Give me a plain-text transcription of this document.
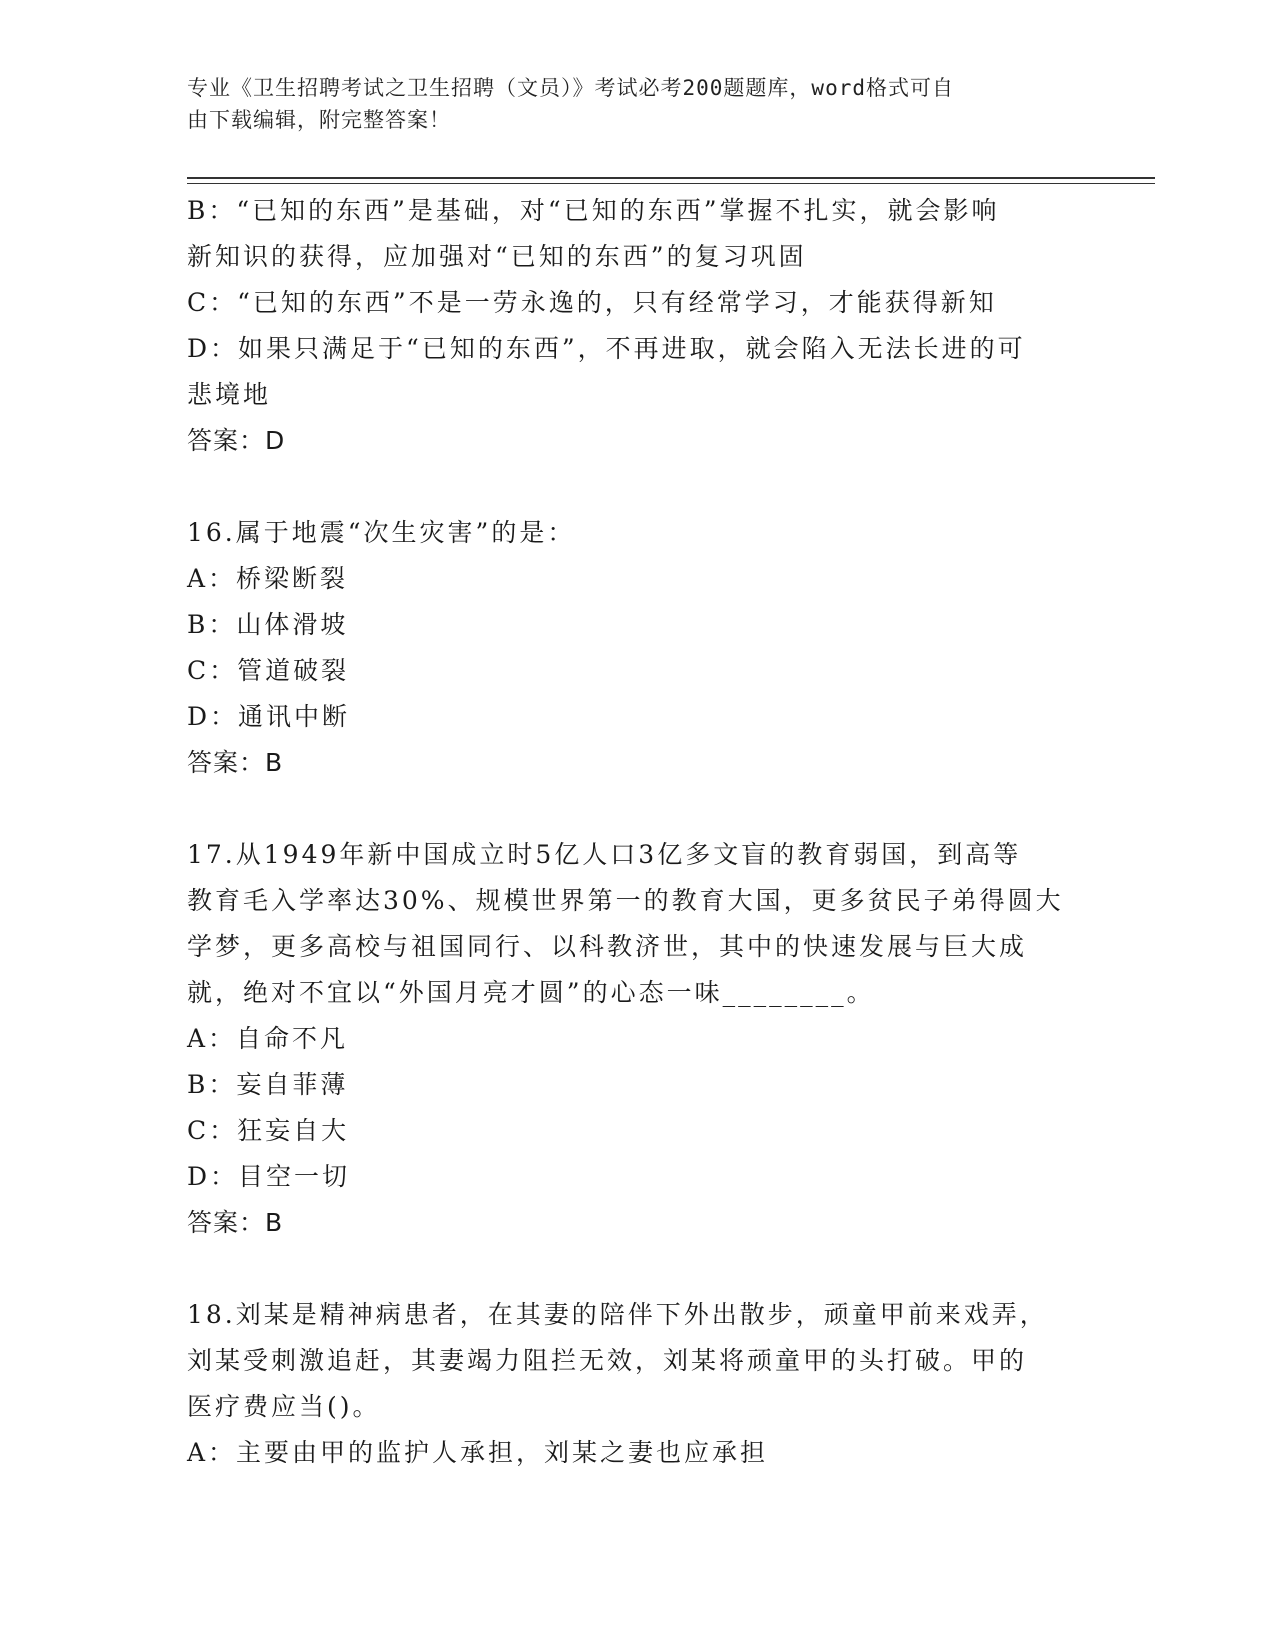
专业《卫生招聘考试之卫生招聘（文员）》考试必考200题题库，word格式可自
由下载编辑，附完整答案！
B：“已知的东西”是基础，对“已知的东西”掌握不扎实，就会影响
新知识的获得，应加强对“已知的东西”的复习巩固
C：“已知的东西”不是一劳永逸的，只有经常学习，才能获得新知
D：如果只满足于“已知的东西”，不再进取，就会陷入无法长进的可
悲境地
答案：D
16.属于地震“次生灾害”的是：
A：桥梁断裂
B：山体滑坡
C：管道破裂
D：通讯中断
答案：B
17.从1949年新中国成立时5亿人口3亿多文盲的教育弱国，到高等
教育毛入学率达30%、规模世界第一的教育大国，更多贫民子弟得圆大
学梦，更多高校与祖国同行、以科教济世，其中的快速发展与巨大成
就，绝对不宜以“外国月亮才圆”的心态一味________。
A：自命不凡
B：妄自菲薄
C：狂妄自大
D：目空一切
答案：B
18.刘某是精神病患者，在其妻的陪伴下外出散步，顽童甲前来戏弄，
刘某受刺激追赶，其妻竭力阻拦无效，刘某将顽童甲的头打破。甲的
医疗费应当()。
A：主要由甲的监护人承担，刘某之妻也应承担
